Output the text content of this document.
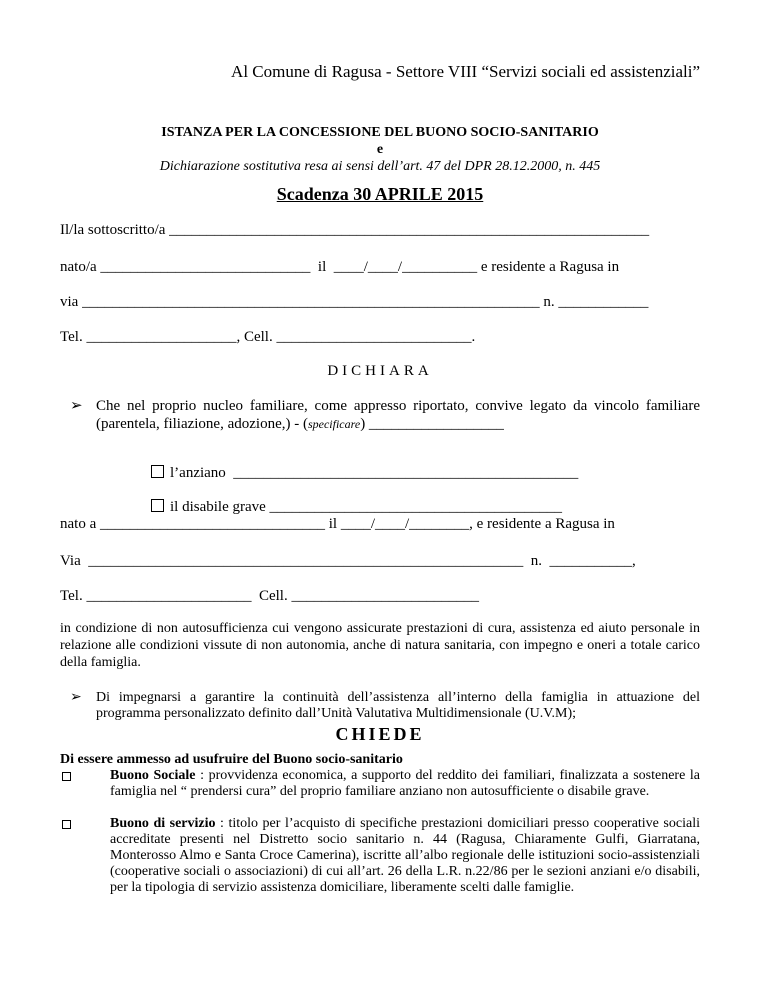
Al Comune di Ragusa - Settore VIII “Servizi sociali ed assistenziali”
ISTANZA PER LA CONCESSIONE DEL BUONO SOCIO-SANITARIO
e
Dichiarazione sostitutiva resa ai sensi dell’art. 47 del DPR 28.12.2000, n. 445
Scadenza 30 APRILE 2015
Il/la sottoscritto/a ________________________________________________________________
nato/a ____________________________  il  ____/____/__________ e residente a Ragusa in
via _____________________________________________________________ n. ____________
Tel. ____________________, Cell. __________________________.
DICHIARA
➢ Che nel proprio nucleo familiare, come appresso riportato, convive legato da vincolo familiare (parentela, filiazione, adozione,) - (specificare) __________________

l’anziano  ______________________________________________

il disabile grave _______________________________________

nato a ______________________________ il ____/____/________, e residente a Ragusa in
Via  __________________________________________________________  n.  ___________,
Tel. ______________________  Cell. _________________________
in condizione di non autosufficienza cui vengono assicurate prestazioni di cura, assistenza ed aiuto personale in relazione alle condizioni vissute di non autonomia, anche di natura sanitaria, con impegno e oneri a totale carico della famiglia.
➢ Di impegnarsi a garantire la continuità dell’assistenza all’interno della famiglia in attuazione del programma personalizzato definito dall’Unità Valutativa Multidimensionale (U.V.M);
CHIEDE
Di essere ammesso ad usufruire del Buono socio-sanitario
Buono Sociale : provvidenza economica, a supporto del reddito dei familiari, finalizzata a sostenere la famiglia nel “ prendersi cura” del proprio familiare anziano non autosufficiente o disabile grave.
Buono di servizio : titolo per l’acquisto di specifiche prestazioni domiciliari presso cooperative sociali accreditate presenti nel Distretto socio sanitario n. 44 (Ragusa, Chiaramente Gulfi, Giarratana, Monterosso Almo e Santa Croce Camerina), iscritte all’albo regionale delle istituzioni socio-assistenziali (cooperative sociali o associazioni) di cui all’art. 26 della L.R. n.22/86 per le sezioni anziani e/o disabili, per la tipologia di servizio assistenza domiciliare, liberamente scelti dalle famiglie.
